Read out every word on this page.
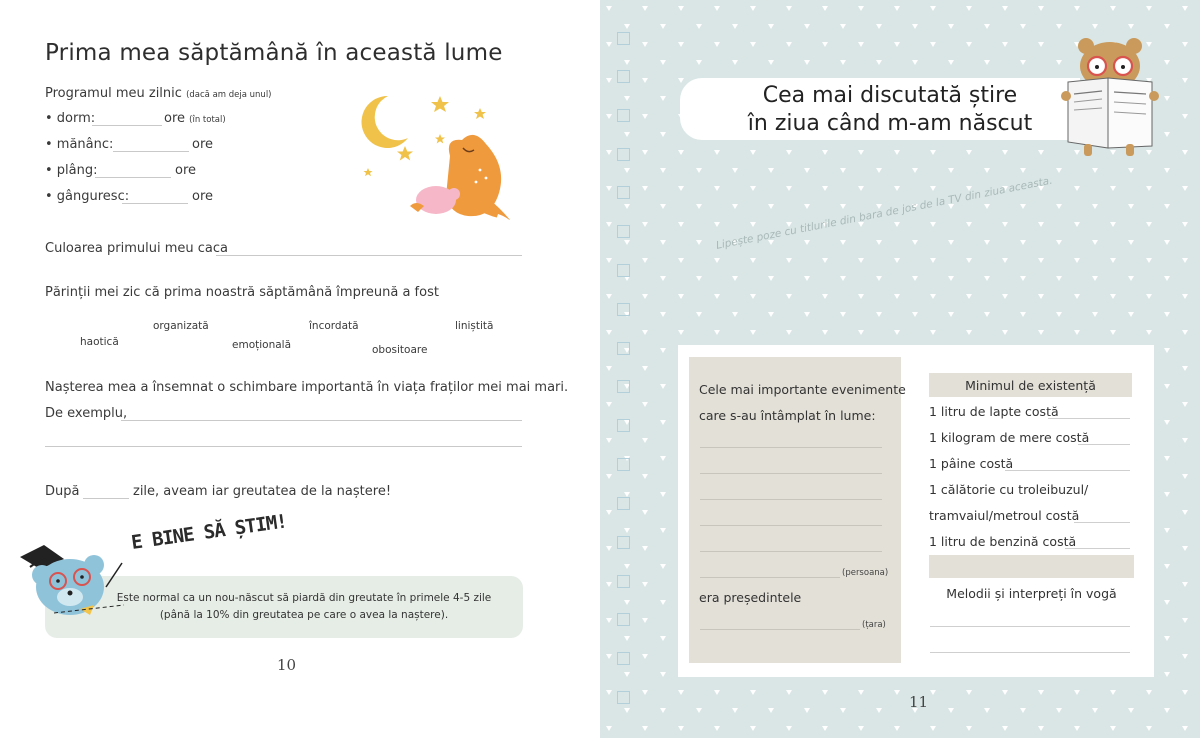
Prima mea săptămână în această lume
Programul meu zilnic (dacă am deja unul)
• dorm:	ore (în total)
• mănânc:	ore
• plâng:	ore
• gânguresc:	ore
Culoarea primului meu caca
Părinții mei zic că prima noastră săptămână împreună a fost
haotică
organizată
emoțională
încordată
obositoare
liniștită
Nașterea mea a însemnat o schimbare importantă în viața fraților mei mai mari.
De exemplu,
După	zile, aveam iar greutatea de la naștere!
E BINE SĂ ȘTIM!
Este normal ca un nou-născut să piardă din greutate în primele 4-5 zile
(până la 10% din greutatea pe care o avea la naștere).
10
Cea mai discutată știre
în ziua când m-am născut
Lipește poze cu titlurile din bara de jos de la TV din ziua aceasta.
Cele mai importante evenimente
care s-au întâmplat în lume:
(persoana)
era președintele
(țara)
Minimul de existență
1 litru de lapte costă
1 kilogram de mere costă
1 pâine costă
1 călătorie cu troleibuzul/
tramvaiul/metroul costă
1 litru de benzină costă
Melodii și interpreți în vogă
11
